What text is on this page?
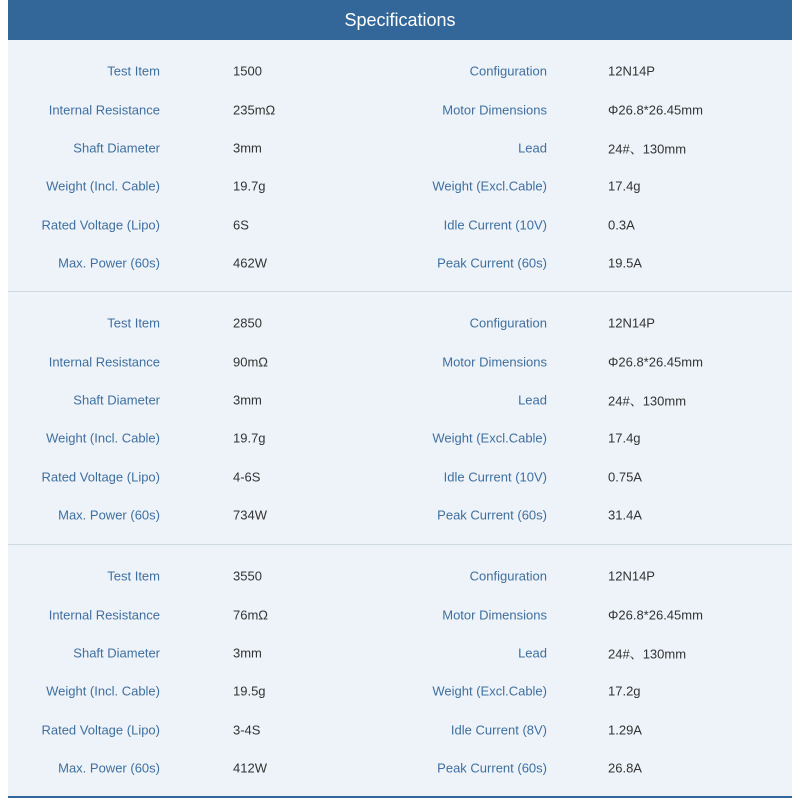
Specifications
Test Item	1500	Configuration	12N14P
Internal Resistance	235mΩ	Motor Dimensions	Φ26.8*26.45mm
Shaft Diameter	3mm	Lead	24#、130mm
Weight (Incl. Cable)	19.7g	Weight (Excl.Cable)	17.4g
Rated Voltage (Lipo)	6S	Idle Current (10V)	0.3A
Max. Power (60s)	462W	Peak Current (60s)	19.5A
Test Item	2850	Configuration	12N14P
Internal Resistance	90mΩ	Motor Dimensions	Φ26.8*26.45mm
Shaft Diameter	3mm	Lead	24#、130mm
Weight (Incl. Cable)	19.7g	Weight (Excl.Cable)	17.4g
Rated Voltage (Lipo)	4-6S	Idle Current (10V)	0.75A
Max. Power (60s)	734W	Peak Current (60s)	31.4A
Test Item	3550	Configuration	12N14P
Internal Resistance	76mΩ	Motor Dimensions	Φ26.8*26.45mm
Shaft Diameter	3mm	Lead	24#、130mm
Weight (Incl. Cable)	19.5g	Weight (Excl.Cable)	17.2g
Rated Voltage (Lipo)	3-4S	Idle Current (8V)	1.29A
Max. Power (60s)	412W	Peak Current (60s)	26.8A
